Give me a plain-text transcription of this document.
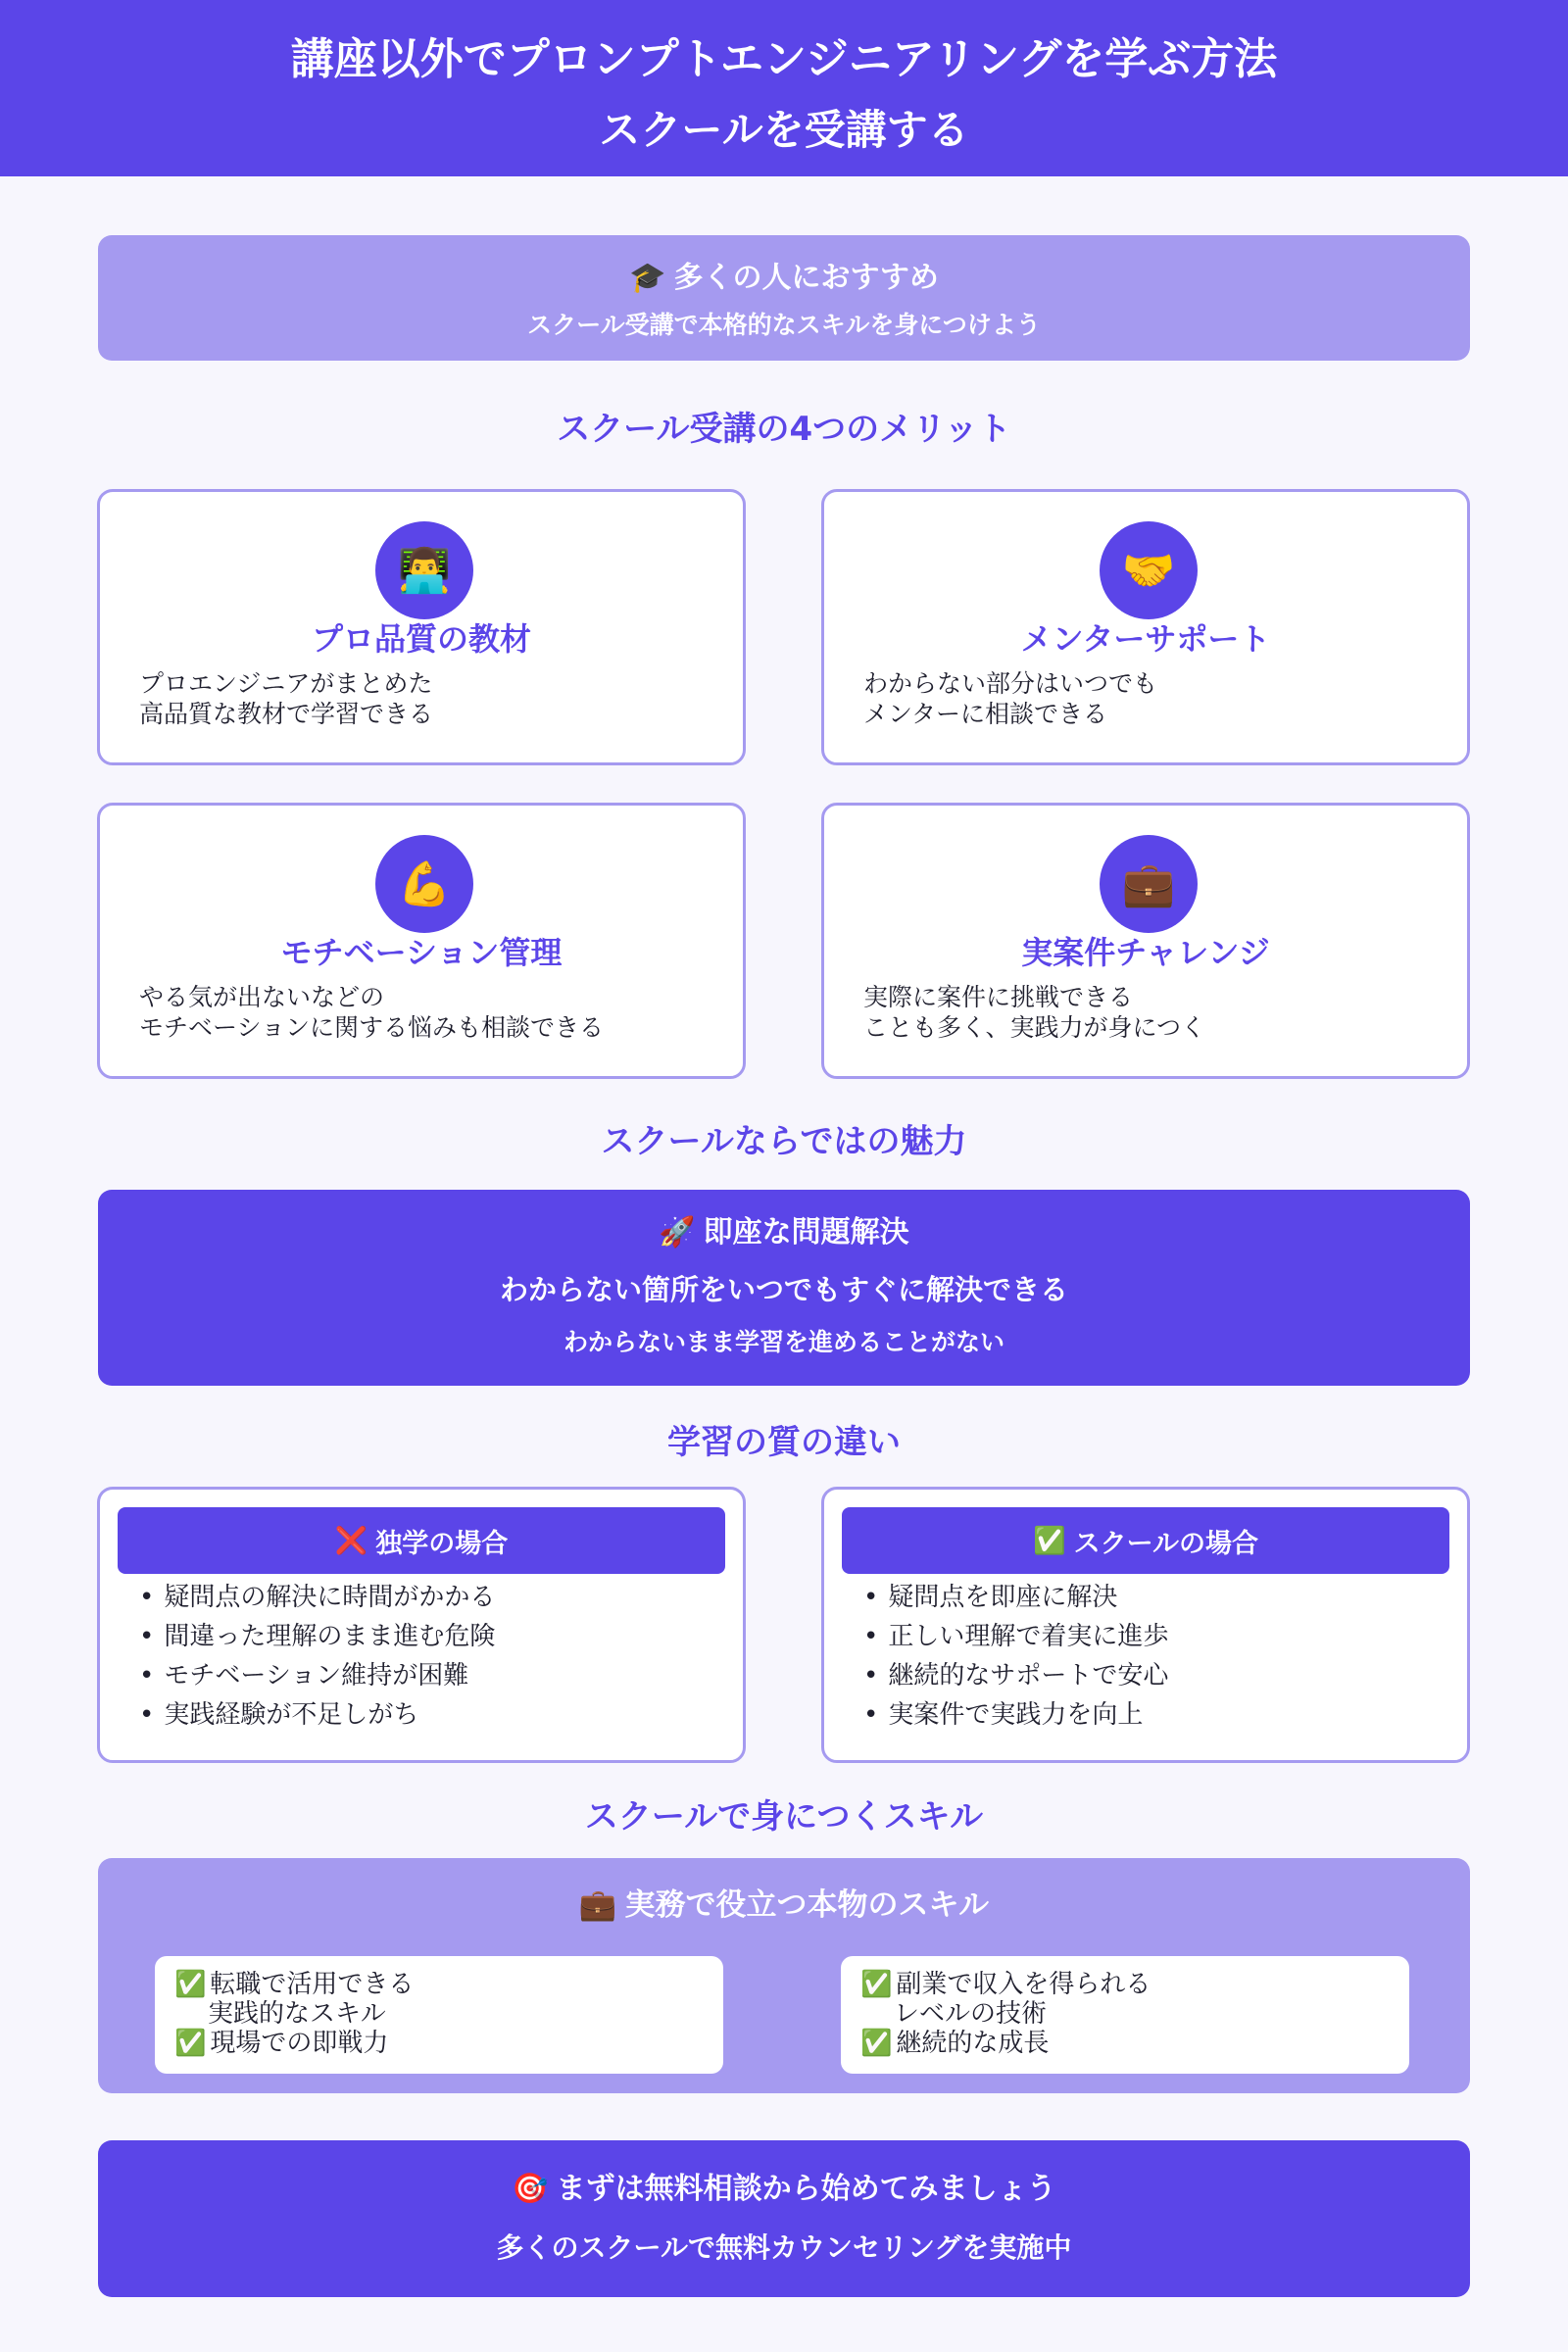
講座以外でプロンプトエンジニアリングを学ぶ方法
スクールを受講する
🎓 多くの人におすすめ
スクール受講で本格的なスキルを身につけよう
スクール受講の4つのメリット
👨‍💻
プロ品質の教材
プロエンジニアがまとめた
高品質な教材で学習できる
🤝
メンターサポート
わからない部分はいつでも
メンターに相談できる
💪
モチベーション管理
やる気が出ないなどの
モチベーションに関する悩みも相談できる
💼
実案件チャレンジ
実際に案件に挑戦できる
ことも多く、実践力が身につく
スクールならではの魅力
🚀 即座な問題解決
わからない箇所をいつでもすぐに解決できる
わからないまま学習を進めることがない
学習の質の違い
❌ 独学の場合
• 疑問点の解決に時間がかかる
• 間違った理解のまま進む危険
• モチベーション維持が困難
• 実践経験が不足しがち
✅ スクールの場合
• 疑問点を即座に解決
• 正しい理解で着実に進歩
• 継続的なサポートで安心
• 実案件で実践力を向上
スクールで身につくスキル
💼 実務で役立つ本物のスキル
✅ 転職で活用できる
実践的なスキル
✅ 現場での即戦力
✅ 副業で収入を得られる
レベルの技術
✅ 継続的な成長
🎯 まずは無料相談から始めてみましょう
多くのスクールで無料カウンセリングを実施中
